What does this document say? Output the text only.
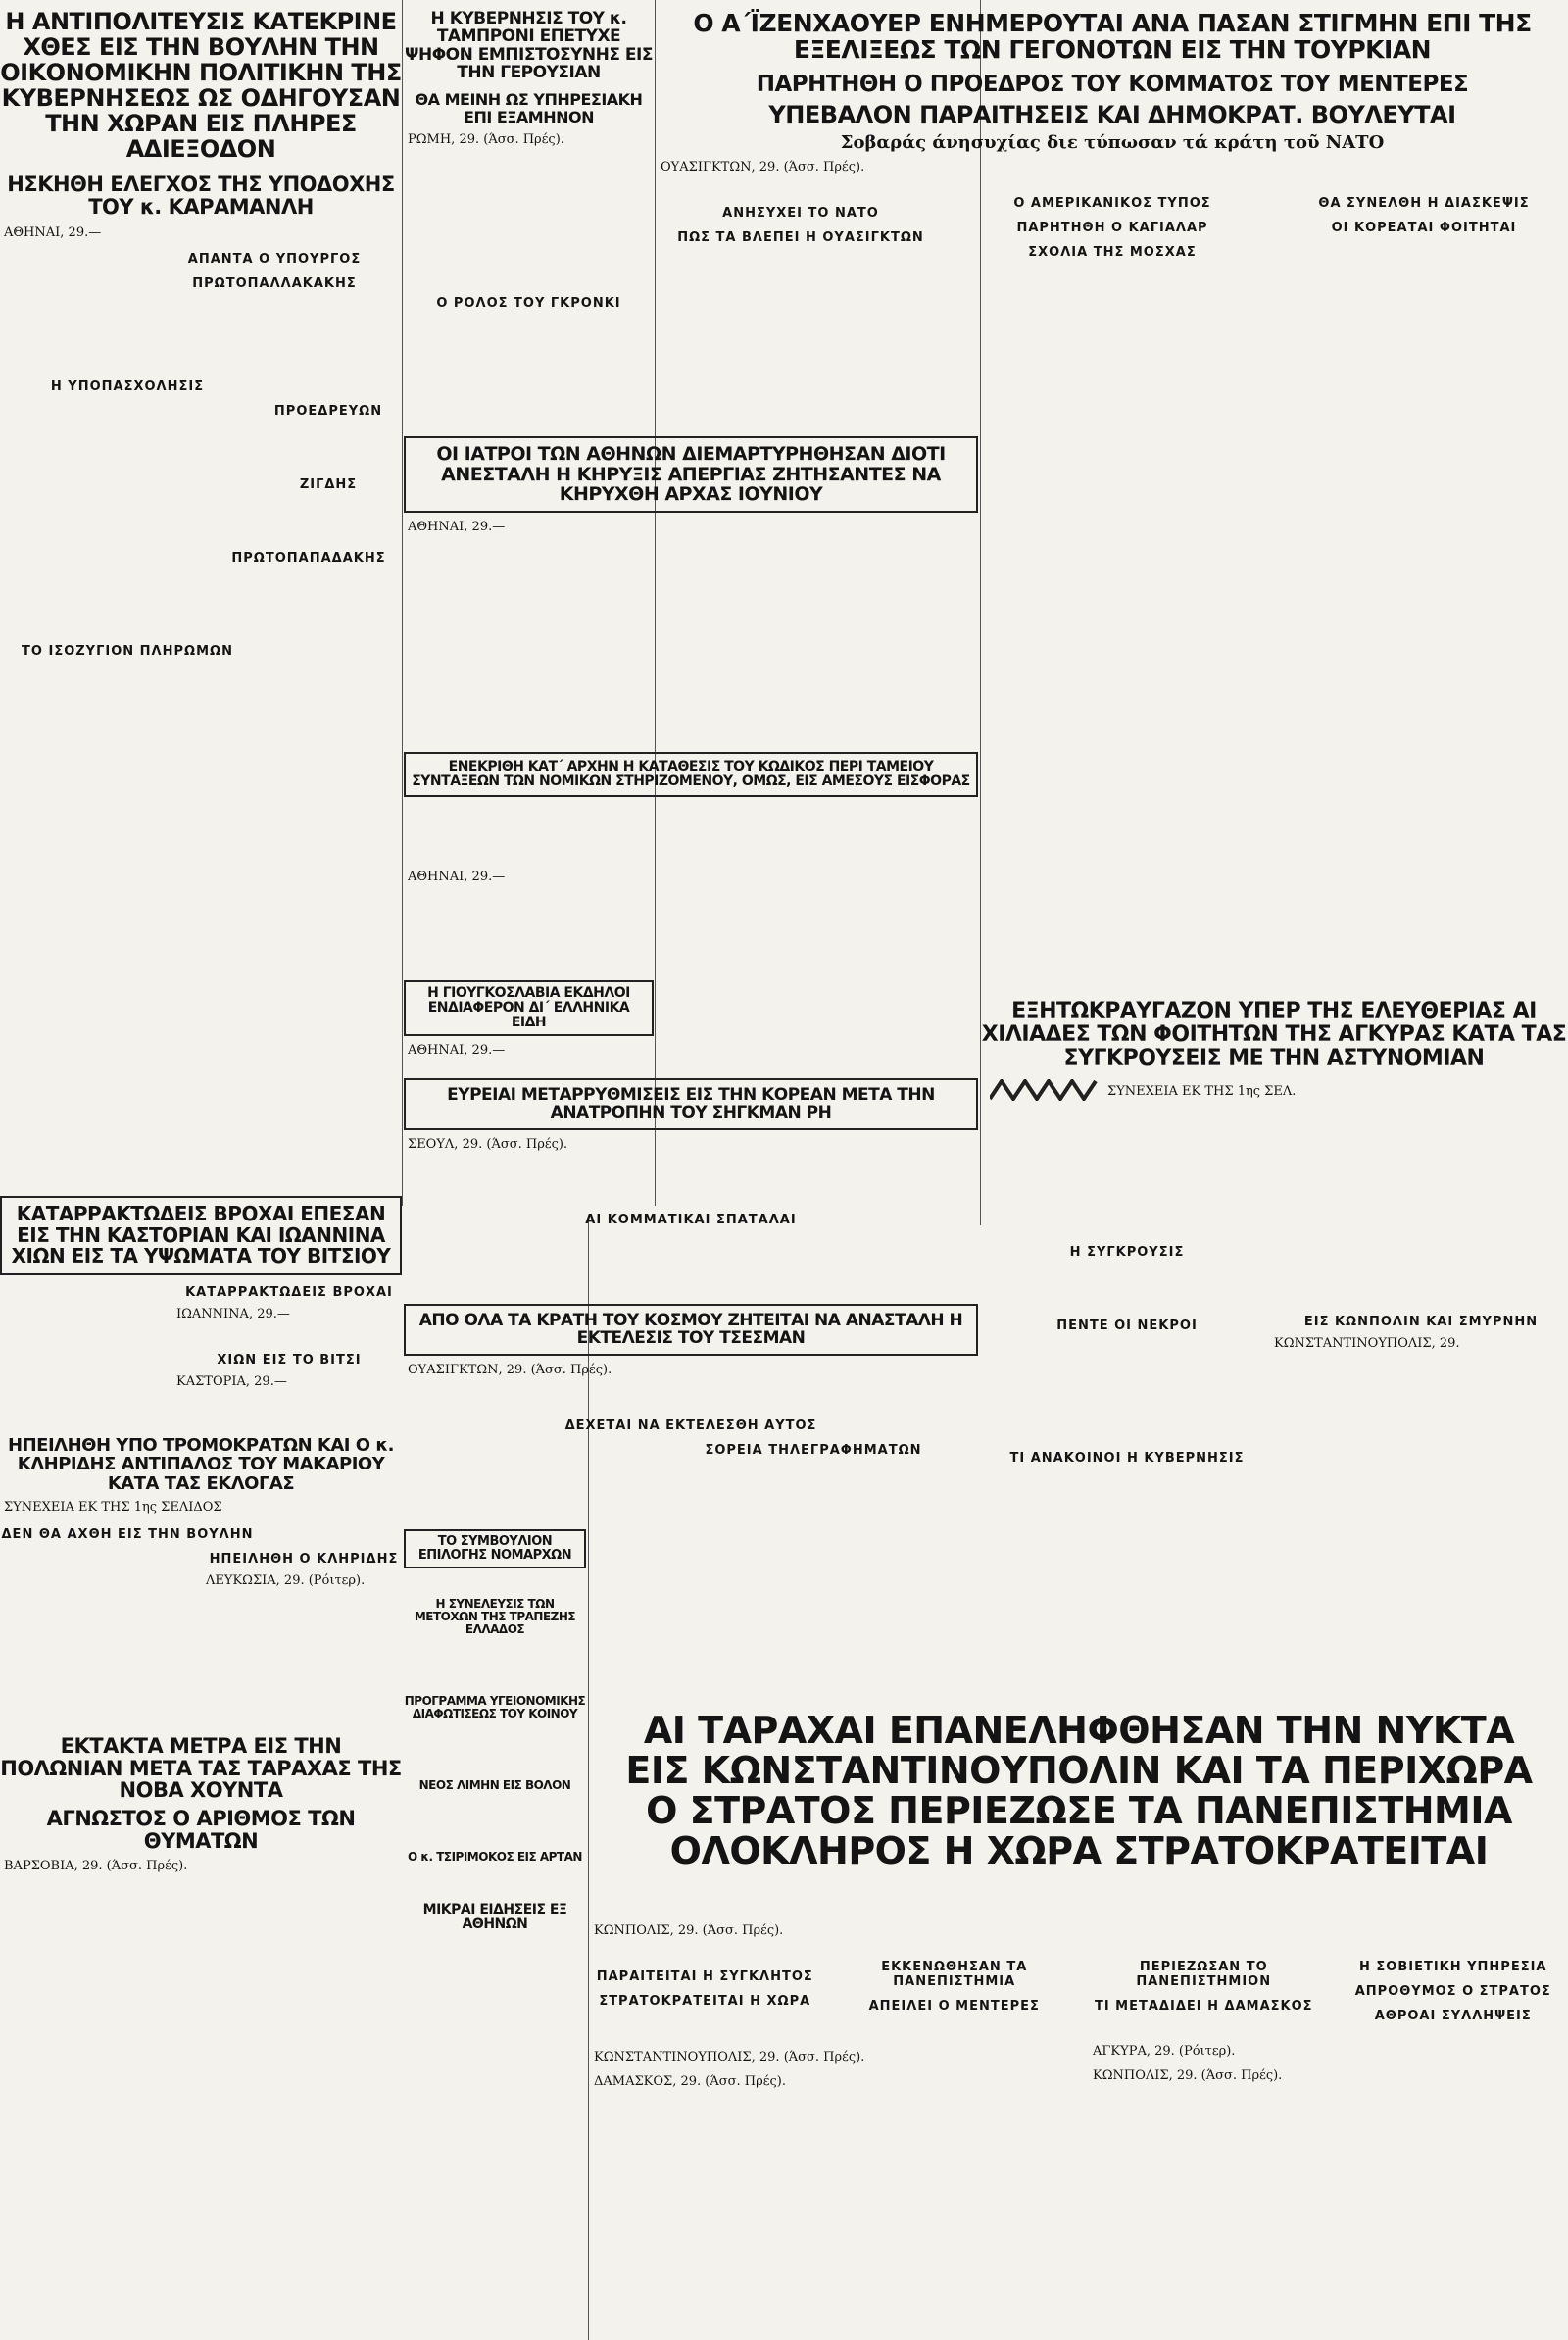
Η ΑΝΤΙΠΟΛΙΤΕΥΣΙΣ ΚΑΤΕΚΡΙΝΕ ΧΘΕΣ ΕΙΣ ΤΗΝ ΒΟΥΛΗΝ ΤΗΝ ΟΙΚΟΝΟΜΙΚΗΝ ΠΟΛΙΤΙΚΗΝ ΤΗΣ ΚΥΒΕΡΝΗΣΕΩΣ ΩΣ ΟΔΗΓΟΥΣΑΝ ΤΗΝ ΧΩΡΑΝ ΕΙΣ ΠΛΗΡΕΣ ΑΔΙΕΞΟΔΟΝ
ΗΣΚΗΘΗ ΕΛΕΓΧΟΣ ΤΗΣ ΥΠΟΔΟΧΗΣ ΤΟΥ κ. ΚΑΡΑΜΑΝΛΗ

ΑΘΗΝΑΙ, 29.—

ΑΠΑΝΤΑ Ο ΥΠΟΥΡΓΟΣ
ΠΡΩΤΟΠΑΛΛΑΚΑΚΗΣ
Η ΥΠΟΠΑΣΧΟΛΗΣΙΣ
ΠΡΟΕΔΡΕΥΩΝ
ΖΙΓΔΗΣ
ΠΡΩΤΟΠΑΠΑΔΑΚΗΣ
ΤΟ ΙΣΟΖΥΓΙΟΝ ΠΛΗΡΩΜΩΝ
Η ΚΥΒΕΡΝΗΣΙΣ ΤΟΥ κ. ΤΑΜΠΡΟΝΙ ΕΠΕΤΥΧΕ ΨΗΦΟΝ ΕΜΠΙΣΤΟΣΥΝΗΣ ΕΙΣ ΤΗΝ ΓΕΡΟΥΣΙΑΝ
ΘΑ ΜΕΙΝΗ ΩΣ ΥΠΗΡΕΣΙΑΚΗ ΕΠΙ ΕΞΑΜΗΝΟΝ

ΡΩΜΗ, 29. (Άσσ. Πρές).

Ο ΡΟΛΟΣ ΤΟΥ ΓΚΡΟΝΚΙ
Ο Α΄ΪΖΕΝΧΑΟΥΕΡ ΕΝΗΜΕΡΟΥΤΑΙ ΑΝΑ ΠΑΣΑΝ ΣΤΙΓΜΗΝ ΕΠΙ ΤΗΣ ΕΞΕΛΙΞΕΩΣ ΤΩΝ ΓΕΓΟΝΟΤΩΝ ΕΙΣ ΤΗΝ ΤΟΥΡΚΙΑΝ
ΠΑΡΗΤΗΘΗ Ο ΠΡΟΕΔΡΟΣ ΤΟΥ ΚΟΜΜΑΤΟΣ ΤΟΥ ΜΕΝΤΕΡΕΣ
ΥΠΕΒΑΛΟΝ ΠΑΡΑΙΤΗΣΕΙΣ ΚΑΙ ΔΗΜΟΚΡΑΤ. ΒΟΥΛΕΥΤΑΙ
Σοβαράς άνησυχίας διε τύπωσαν τά κράτη τοῦ ΝΑΤΟ

ΟΥΑΣΙΓΚΤΩΝ, 29. (Άσσ. Πρές).

ΑΝΗΣΥΧΕΙ ΤΟ ΝΑΤΟ
ΠΩΣ ΤΑ ΒΛΕΠΕΙ Η ΟΥΑΣΙΓΚΤΩΝ
Ο ΑΜΕΡΙΚΑΝΙΚΟΣ ΤΥΠΟΣ
ΠΑΡΗΤΗΘΗ Ο ΚΑΓΙΑΛΑΡ
ΣΧΟΛΙΑ ΤΗΣ ΜΟΣΧΑΣ
ΘΑ ΣΥΝΕΛΘΗ Η ΔΙΑΣΚΕΨΙΣ
ΟΙ ΚΟΡΕΑΤΑΙ ΦΟΙΤΗΤΑΙ
ΟΙ ΙΑΤΡΟΙ ΤΩΝ ΑΘΗΝΩΝ ΔΙΕΜΑΡΤΥΡΗΘΗΣΑΝ ΔΙΟΤΙ ΑΝΕΣΤΑΛΗ Η ΚΗΡΥΞΙΣ ΑΠΕΡΓΙΑΣ ΖΗΤΗΣΑΝΤΕΣ ΝΑ ΚΗΡΥΧΘΗ ΑΡΧΑΣ ΙΟΥΝΙΟΥ

ΑΘΗΝΑΙ, 29.—

ΕΝΕΚΡΙΘΗ ΚΑΤ΄ ΑΡΧΗΝ Η ΚΑΤΑΘΕΣΙΣ ΤΟΥ ΚΩΔΙΚΟΣ ΠΕΡΙ ΤΑΜΕΙΟΥ ΣΥΝΤΑΞΕΩΝ ΤΩΝ ΝΟΜΙΚΩΝ ΣΤΗΡΙΖΟΜΕΝΟΥ, ΟΜΩΣ, ΕΙΣ ΑΜΕΣΟΥΣ ΕΙΣΦΟΡΑΣ

ΑΘΗΝΑΙ, 29.—

ΕΥΡΕΙΑΙ ΜΕΤΑΡΡΥΘΜΙΣΕΙΣ ΕΙΣ ΤΗΝ ΚΟΡΕΑΝ ΜΕΤΑ ΤΗΝ ΑΝΑΤΡΟΠΗΝ ΤΟΥ ΣΗΓΚΜΑΝ ΡΗ

ΣΕΟΥΛ, 29. (Άσσ. Πρές).

ΑΙ ΚΟΜΜΑΤΙΚΑΙ ΣΠΑΤΑΛΑΙ
ΑΠΟ ΟΛΑ ΤΑ ΚΡΑΤΗ ΤΟΥ ΚΟΣΜΟΥ ΖΗΤΕΙΤΑΙ ΝΑ ΑΝΑΣΤΑΛΗ Η ΕΚΤΕΛΕΣΙΣ ΤΟΥ ΤΣΕΣΜΑΝ

ΟΥΑΣΙΓΚΤΩΝ, 29. (Άσσ. Πρές).

ΔΕΧΕΤΑΙ ΝΑ ΕΚΤΕΛΕΣΘΗ ΑΥΤΟΣ
ΣΟΡΕΙΑ ΤΗΛΕΓΡΑΦΗΜΑΤΩΝ
ΚΑΤΑΡΡΑΚΤΩΔΕΙΣ ΒΡΟΧΑΙ ΕΠΕΣΑΝ ΕΙΣ ΤΗΝ ΚΑΣΤΟΡΙΑΝ ΚΑΙ ΙΩΑΝΝΙΝΑ ΧΙΩΝ ΕΙΣ ΤΑ ΥΨΩΜΑΤΑ ΤΟΥ ΒΙΤΣΙΟΥ
ΚΑΤΑΡΡΑΚΤΩΔΕΙΣ ΒΡΟΧΑΙ

ΙΩΑΝΝΙΝΑ, 29.—

ΧΙΩΝ ΕΙΣ ΤΟ ΒΙΤΣΙ

ΚΑΣΤΟΡΙΑ, 29.—

Η ΓΙΟΥΓΚΟΣΛΑΒΙΑ ΕΚΔΗΛΟΙ ΕΝΔΙΑΦΕΡΟΝ ΔΙ΄ ΕΛΛΗΝΙΚΑ ΕΙΔΗ

ΑΘΗΝΑΙ, 29.—

ΗΠΕΙΛΗΘΗ ΥΠΟ ΤΡΟΜΟΚΡΑΤΩΝ ΚΑΙ Ο κ. ΚΛΗΡΙΔΗΣ ΑΝΤΙΠΑΛΟΣ ΤΟΥ ΜΑΚΑΡΙΟΥ ΚΑΤΑ ΤΑΣ ΕΚΛΟΓΑΣ

ΣΥΝΕΧΕΙΑ ΕΚ ΤΗΣ 1ης ΣΕΛΙΔΟΣ

ΔΕΝ ΘΑ ΑΧΘΗ ΕΙΣ ΤΗΝ ΒΟΥΛΗΝ
ΗΠΕΙΛΗΘΗ Ο ΚΛΗΡΙΔΗΣ

ΛΕΥΚΩΣΙΑ, 29. (Ρόιτερ).

ΤΟ ΣΥΜΒΟΥΛΙΟΝ ΕΠΙΛΟΓΗΣ ΝΟΜΑΡΧΩΝ
Η ΣΥΝΕΛΕΥΣΙΣ ΤΩΝ ΜΕΤΟΧΩΝ ΤΗΣ ΤΡΑΠΕΖΗΣ ΕΛΛΑΔΟΣ
ΠΡΟΓΡΑΜΜΑ ΥΓΕΙΟΝΟΜΙΚΗΣ ΔΙΑΦΩΤΙΣΕΩΣ ΤΟΥ ΚΟΙΝΟΥ
ΝΕΟΣ ΛΙΜΗΝ ΕΙΣ ΒΟΛΟΝ
Ο κ. ΤΣΙΡΙΜΟΚΟΣ ΕΙΣ ΑΡΤΑΝ
ΜΙΚΡΑΙ ΕΙΔΗΣΕΙΣ ΕΞ ΑΘΗΝΩΝ
ΕΚΤΑΚΤΑ ΜΕΤΡΑ ΕΙΣ ΤΗΝ ΠΟΛΩΝΙΑΝ ΜΕΤΑ ΤΑΣ ΤΑΡΑΧΑΣ ΤΗΣ ΝΟΒΑ ΧΟΥΝΤΑ
ΑΓΝΩΣΤΟΣ Ο ΑΡΙΘΜΟΣ ΤΩΝ ΘΥΜΑΤΩΝ

ΒΑΡΣΟΒΙΑ, 29. (Άσσ. Πρές).

ΕΞΗΤΩΚΡΑΥΓΑΖΟΝ ΥΠΕΡ ΤΗΣ ΕΛΕΥΘΕΡΙΑΣ ΑΙ ΧΙΛΙΑΔΕΣ ΤΩΝ ΦΟΙΤΗΤΩΝ ΤΗΣ ΑΓΚΥΡΑΣ ΚΑΤΑ ΤΑΣ ΣΥΓΚΡΟΥΣΕΙΣ ΜΕ ΤΗΝ ΑΣΤΥΝΟΜΙΑΝ

ΣΥΝΕΧΕΙΑ ΕΚ ΤΗΣ 1ης ΣΕΛ.

Η ΣΥΓΚΡΟΥΣΙΣ
ΠΕΝΤΕ ΟΙ ΝΕΚΡΟΙ
ΤΙ ΑΝΑΚΟΙΝΟΙ Η ΚΥΒΕΡΝΗΣΙΣ
ΕΙΣ ΚΩΝΠΟΛΙΝ ΚΑΙ ΣΜΥΡΝΗΝ

ΚΩΝΣΤΑΝΤΙΝΟΥΠΟΛΙΣ, 29.

ΑΙ ΤΑΡΑΧΑΙ ΕΠΑΝΕΛΗΦΘΗΣΑΝ ΤΗΝ ΝΥΚΤΑ
ΕΙΣ ΚΩΝΣΤΑΝΤΙΝΟΥΠΟΛΙΝ ΚΑΙ ΤΑ ΠΕΡΙΧΩΡΑ
Ο ΣΤΡΑΤΟΣ ΠΕΡΙΕΖΩΣΕ ΤΑ ΠΑΝΕΠΙΣΤΗΜΙΑ
ΟΛΟΚΛΗΡΟΣ Η ΧΩΡΑ ΣΤΡΑΤΟΚΡΑΤΕΙΤΑΙ

ΚΩΝΠΟΛΙΣ, 29. (Άσσ. Πρές).

ΠΑΡΑΙΤΕΙΤΑΙ Η ΣΥΓΚΛΗΤΟΣ
ΣΤΡΑΤΟΚΡΑΤΕΙΤΑΙ Η ΧΩΡΑ
ΕΚΚΕΝΩΘΗΣΑΝ ΤΑ ΠΑΝΕΠΙΣΤΗΜΙΑ
ΑΠΕΙΛΕΙ Ο ΜΕΝΤΕΡΕΣ
ΠΕΡΙΕΖΩΣΑΝ ΤΟ ΠΑΝΕΠΙΣΤΗΜΙΟΝ
ΤΙ ΜΕΤΑΔΙΔΕΙ Η ΔΑΜΑΣΚΟΣ
Η ΣΟΒΙΕΤΙΚΗ ΥΠΗΡΕΣΙΑ
ΑΠΡΟΘΥΜΟΣ Ο ΣΤΡΑΤΟΣ
ΑΘΡΟΑΙ ΣΥΛΛΗΨΕΙΣ
ΚΩΝΣΤΑΝΤΙΝΟΥΠΟΛΙΣ, 29. (Άσσ. Πρές).
ΔΑΜΑΣΚΟΣ, 29. (Άσσ. Πρές).
ΑΓΚΥΡΑ, 29. (Ρόιτερ).
ΚΩΝΠΟΛΙΣ, 29. (Άσσ. Πρές).
